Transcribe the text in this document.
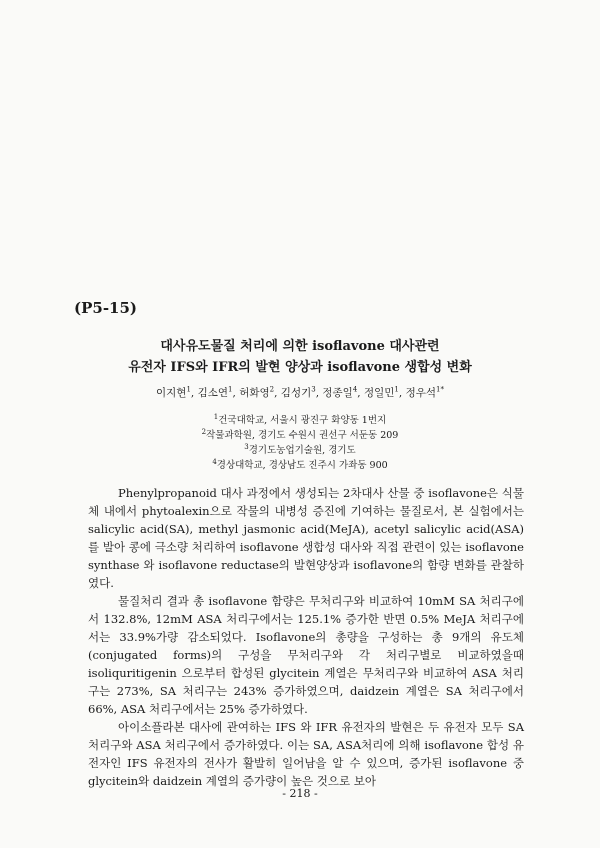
(P5-15)
대사유도물질 처리에 의한 isoflavone 대사관련
유전자 IFS와 IFR의 발현 양상과 isoflavone 생합성 변화
이지현$^1$, 김소연$^1$, 허화영$^2$, 김성기$^3$, 정종일$^4$, 정일민$^1$, 정우석$^{1*}$
$^1$건국대학교, 서울시 광진구 화양동 1번지
$^2$작물과학원, 경기도 수원시 권선구 서둔동 209
$^3$경기도농업기술원, 경기도
$^4$경상대학교, 경상남도 진주시 가좌동 900

Phenylpropanoid 대사 과정에서 생성되는 2차대사 산물 중 isoflavone은 식물체 내에서 phytoalexin으로 작물의 내병성 증진에 기여하는 물질로서, 본 실험에서는 salicylic acid(SA), methyl jasmonic acid(MeJA), acetyl salicylic acid(ASA)를 발아 콩에 극소량 처리하여 isoflavone 생합성 대사와 직접 관련이 있는 isoflavone synthase 와 isoflavone reductase의 발현양상과 isoflavone의 함량 변화를 관찰하였다.

물질처리 결과 총 isoflavone 함량은 무처리구와 비교하여 10mM SA 처리구에서 132.8%, 12mM ASA 처리구에서는 125.1% 증가한 반면 0.5% MeJA 처리구에서는 33.9%가량 감소되었다. Isoflavone의 총량을 구성하는 총 9개의 유도체(conjugated forms)의 구성을 무처리구와 각 처리구별로 비교하였을때 isoliquritigenin 으로부터 합성된 glycitein 계열은 무처리구와 비교하여 ASA 처리구는 273%, SA 처리구는 243% 증가하였으며, daidzein 계열은 SA 처리구에서 66%, ASA 처리구에서는 25% 증가하였다.

아이소플라본 대사에 관여하는 IFS 와 IFR 유전자의 발현은 두 유전자 모두 SA 처리구와 ASA 처리구에서 증가하였다. 이는 SA, ASA처리에 의해 isoflavone 합성 유전자인 IFS 유전자의 전사가 활발히 일어남을 알 수 있으며, 증가된 isoflavone 중 glycitein와 daidzein 계열의 증가량이 높은 것으로 보아

- 218 -
